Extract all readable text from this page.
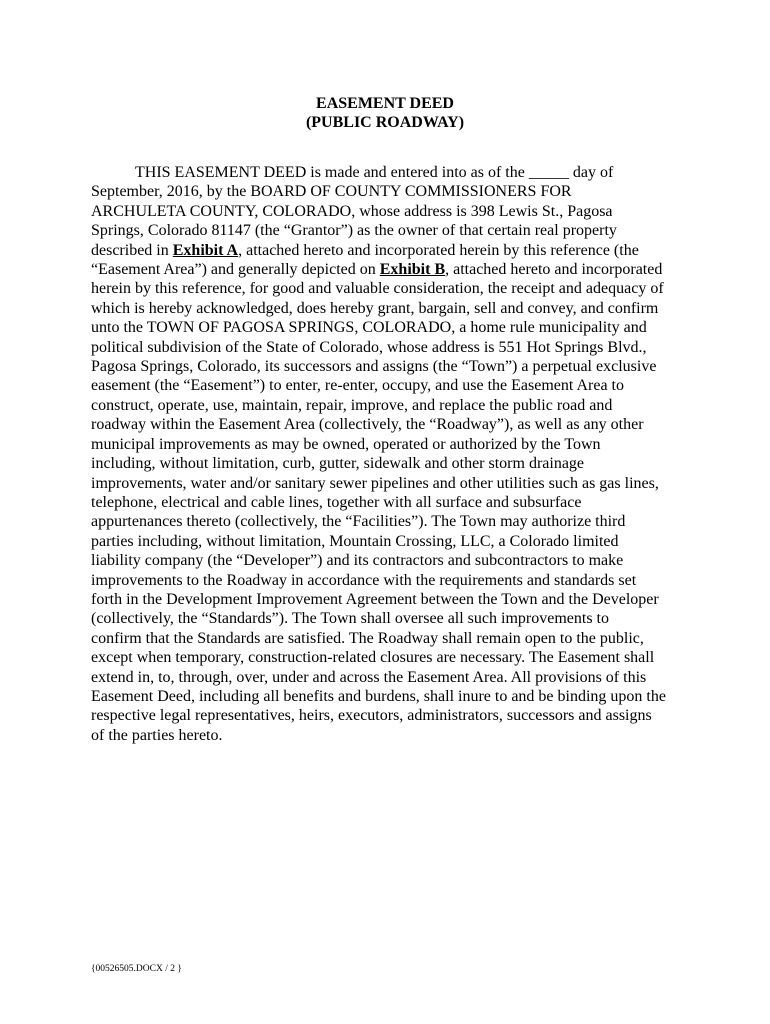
EASEMENT DEED
(PUBLIC ROADWAY)
THIS EASEMENT DEED is made and entered into as of the _____ day of
September, 2016, by the BOARD OF COUNTY COMMISSIONERS FOR
ARCHULETA COUNTY, COLORADO, whose address is 398 Lewis St., Pagosa
Springs, Colorado 81147 (the “Grantor”) as the owner of that certain real property
described in Exhibit A, attached hereto and incorporated herein by this reference (the
“Easement Area”) and generally depicted on Exhibit B, attached hereto and incorporated
herein by this reference, for good and valuable consideration, the receipt and adequacy of
which is hereby acknowledged, does hereby grant, bargain, sell and convey, and confirm
unto the TOWN OF PAGOSA SPRINGS, COLORADO, a home rule municipality and
political subdivision of the State of Colorado, whose address is 551 Hot Springs Blvd.,
Pagosa Springs, Colorado, its successors and assigns (the “Town”) a perpetual exclusive
easement (the “Easement”) to enter, re-enter, occupy, and use the Easement Area to
construct, operate, use, maintain, repair, improve, and replace the public road and
roadway within the Easement Area (collectively, the “Roadway”), as well as any other
municipal improvements as may be owned, operated or authorized by the Town
including, without limitation, curb, gutter, sidewalk and other storm drainage
improvements, water and/or sanitary sewer pipelines and other utilities such as gas lines,
telephone, electrical and cable lines, together with all surface and subsurface
appurtenances thereto (collectively, the “Facilities”). The Town may authorize third
parties including, without limitation, Mountain Crossing, LLC, a Colorado limited
liability company (the “Developer”) and its contractors and subcontractors to make
improvements to the Roadway in accordance with the requirements and standards set
forth in the Development Improvement Agreement between the Town and the Developer
(collectively, the “Standards”). The Town shall oversee all such improvements to
confirm that the Standards are satisfied. The Roadway shall remain open to the public,
except when temporary, construction-related closures are necessary. The Easement shall
extend in, to, through, over, under and across the Easement Area. All provisions of this
Easement Deed, including all benefits and burdens, shall inure to and be binding upon the
respective legal representatives, heirs, executors, administrators, successors and assigns
of the parties hereto.
{00526505.DOCX / 2 }
